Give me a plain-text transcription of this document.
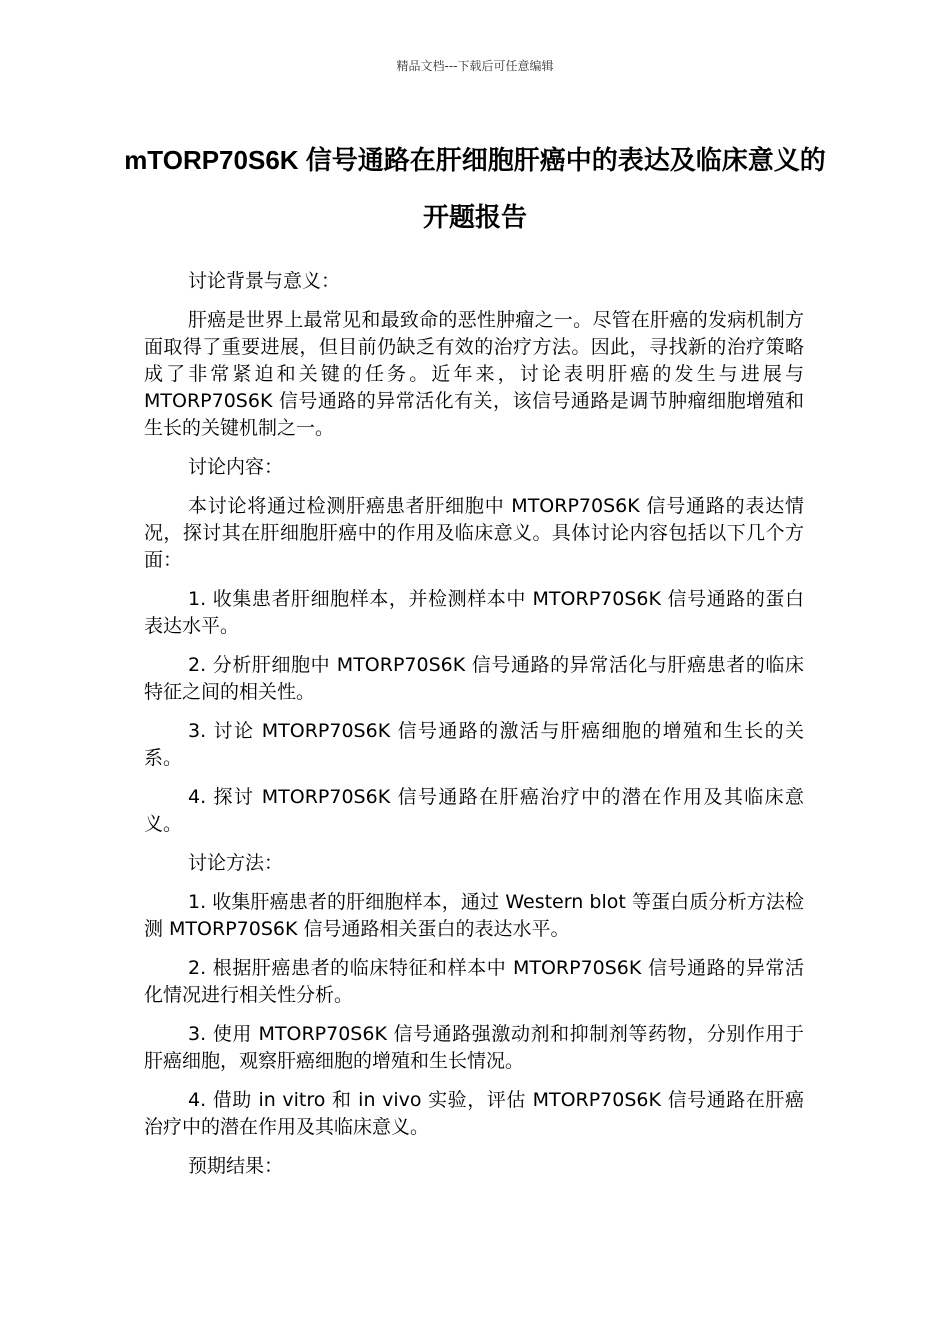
精品文档---下载后可任意编辑
mTORP70S6K 信号通路在肝细胞肝癌中的表达及临床意义的开题报告

讨论背景与意义：

肝癌是世界上最常见和最致命的恶性肿瘤之一。尽管在肝癌的发病机制方面取得了重要进展，但目前仍缺乏有效的治疗方法。因此，寻找新的治疗策略成了非常紧迫和关键的任务。近年来，讨论表明肝癌的发生与进展与 MTORP70S6K 信号通路的异常活化有关，该信号通路是调节肿瘤细胞增殖和生长的关键机制之一。

讨论内容：

本讨论将通过检测肝癌患者肝细胞中 MTORP70S6K 信号通路的表达情况，探讨其在肝细胞肝癌中的作用及临床意义。具体讨论内容包括以下几个方面：

1. 收集患者肝细胞样本，并检测样本中 MTORP70S6K 信号通路的蛋白表达水平。

2. 分析肝细胞中 MTORP70S6K 信号通路的异常活化与肝癌患者的临床特征之间的相关性。

3. 讨论 MTORP70S6K 信号通路的激活与肝癌细胞的增殖和生长的关系。

4. 探讨 MTORP70S6K 信号通路在肝癌治疗中的潜在作用及其临床意义。

讨论方法：

1. 收集肝癌患者的肝细胞样本，通过 Western blot 等蛋白质分析方法检测 MTORP70S6K 信号通路相关蛋白的表达水平。

2. 根据肝癌患者的临床特征和样本中 MTORP70S6K 信号通路的异常活化情况进行相关性分析。

3. 使用 MTORP70S6K 信号通路强激动剂和抑制剂等药物，分别作用于肝癌细胞，观察肝癌细胞的增殖和生长情况。

4. 借助 in vitro 和 in vivo 实验，评估 MTORP70S6K 信号通路在肝癌治疗中的潜在作用及其临床意义。

预期结果：
